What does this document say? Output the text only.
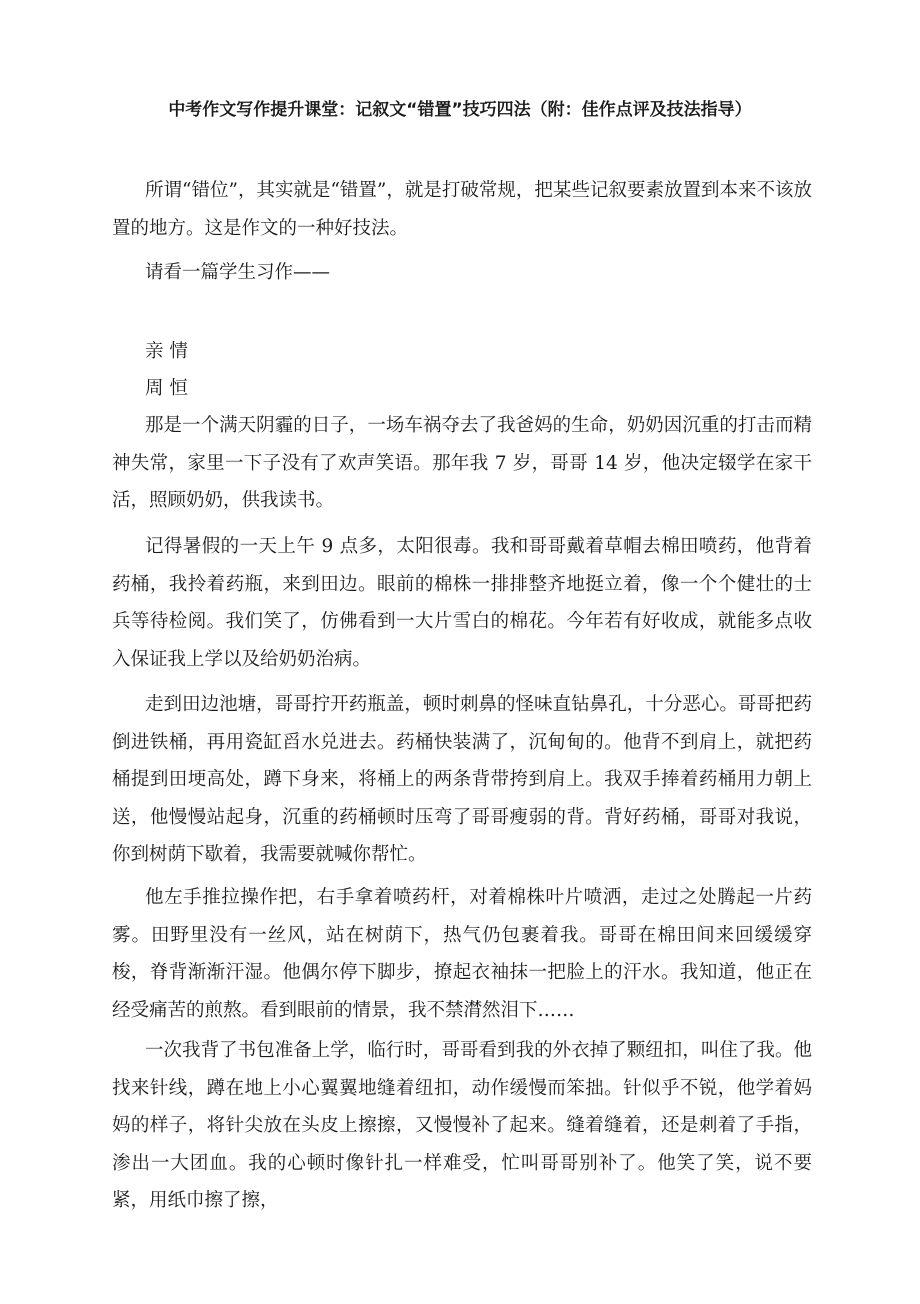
中考作文写作提升课堂：记叙文“错置”技巧四法（附：佳作点评及技法指导）

所谓“错位”，其实就是“错置”，就是打破常规，把某些记叙要素放置到本来不该放置的地方。这是作文的一种好技法。

请看一篇学生习作——

亲 情

周 恒

那是一个满天阴霾的日子，一场车祸夺去了我爸妈的生命，奶奶因沉重的打击而精神失常，家里一下子没有了欢声笑语。那年我 7 岁，哥哥 14 岁，他决定辍学在家干活，照顾奶奶，供我读书。

记得暑假的一天上午 9 点多，太阳很毒。我和哥哥戴着草帽去棉田喷药，他背着药桶，我拎着药瓶，来到田边。眼前的棉株一排排整齐地挺立着，像一个个健壮的士兵等待检阅。我们笑了，仿佛看到一大片雪白的棉花。今年若有好收成，就能多点收入保证我上学以及给奶奶治病。

走到田边池塘，哥哥拧开药瓶盖，顿时刺鼻的怪味直钻鼻孔，十分恶心。哥哥把药倒进铁桶，再用瓷缸舀水兑进去。药桶快装满了，沉甸甸的。他背不到肩上，就把药桶提到田埂高处，蹲下身来，将桶上的两条背带挎到肩上。我双手捧着药桶用力朝上送，他慢慢站起身，沉重的药桶顿时压弯了哥哥瘦弱的背。背好药桶，哥哥对我说，你到树荫下歇着，我需要就喊你帮忙。

他左手推拉操作把，右手拿着喷药杆，对着棉株叶片喷洒，走过之处腾起一片药雾。田野里没有一丝风，站在树荫下，热气仍包裹着我。哥哥在棉田间来回缓缓穿梭，脊背渐渐汗湿。他偶尔停下脚步，撩起衣袖抹一把脸上的汗水。我知道，他正在经受痛苦的煎熬。看到眼前的情景，我不禁潸然泪下……

一次我背了书包准备上学，临行时，哥哥看到我的外衣掉了颗纽扣，叫住了我。他找来针线，蹲在地上小心翼翼地缝着纽扣，动作缓慢而笨拙。针似乎不锐，他学着妈妈的样子，将针尖放在头皮上擦擦，又慢慢补了起来。缝着缝着，还是刺着了手指，渗出一大团血。我的心顿时像针扎一样难受，忙叫哥哥别补了。他笑了笑，说不要紧，用纸巾擦了擦，
